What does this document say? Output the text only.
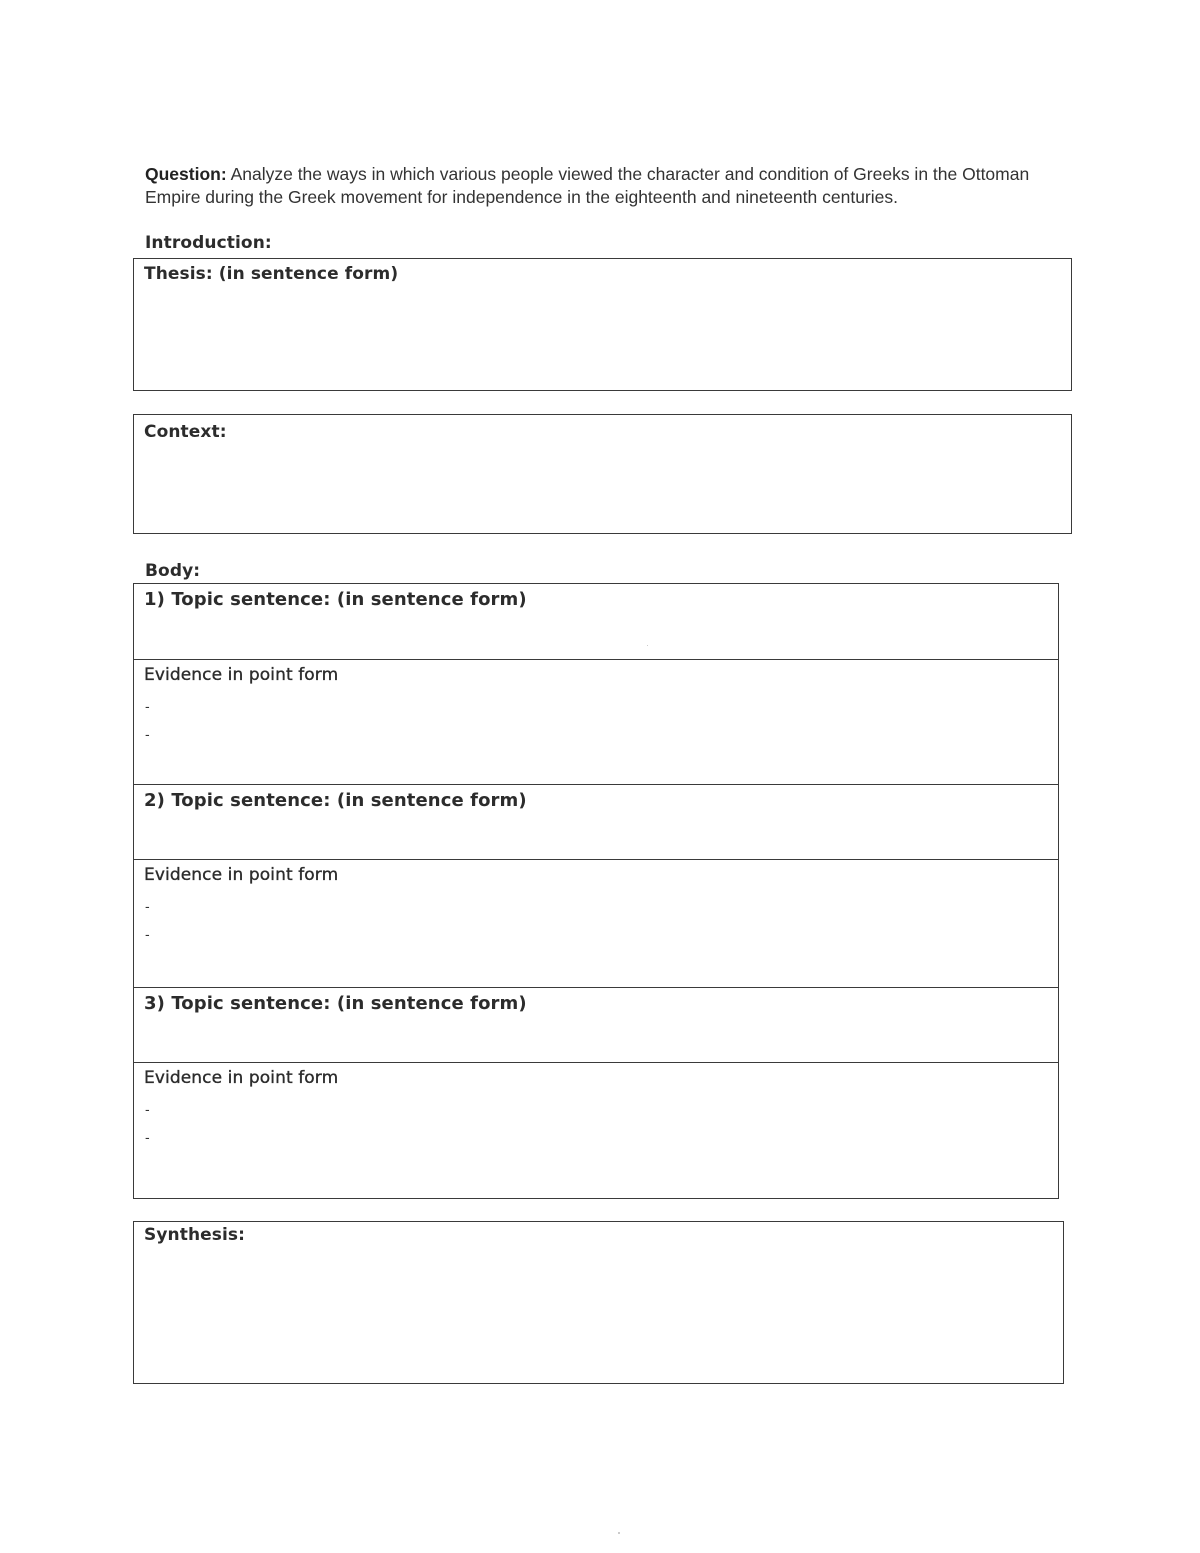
Question: Analyze the ways in which various people viewed the character and condition of Greeks in the Ottoman Empire during the Greek movement for independence in the eighteenth and nineteenth centuries.
Introduction:
Thesis: (in sentence form)
Context:
Body:
1) Topic sentence: (in sentence form)
Evidence in point form
-
-
2) Topic sentence: (in sentence form)
Evidence in point form
-
-
3) Topic sentence: (in sentence form)
Evidence in point form
-
-
Synthesis:
